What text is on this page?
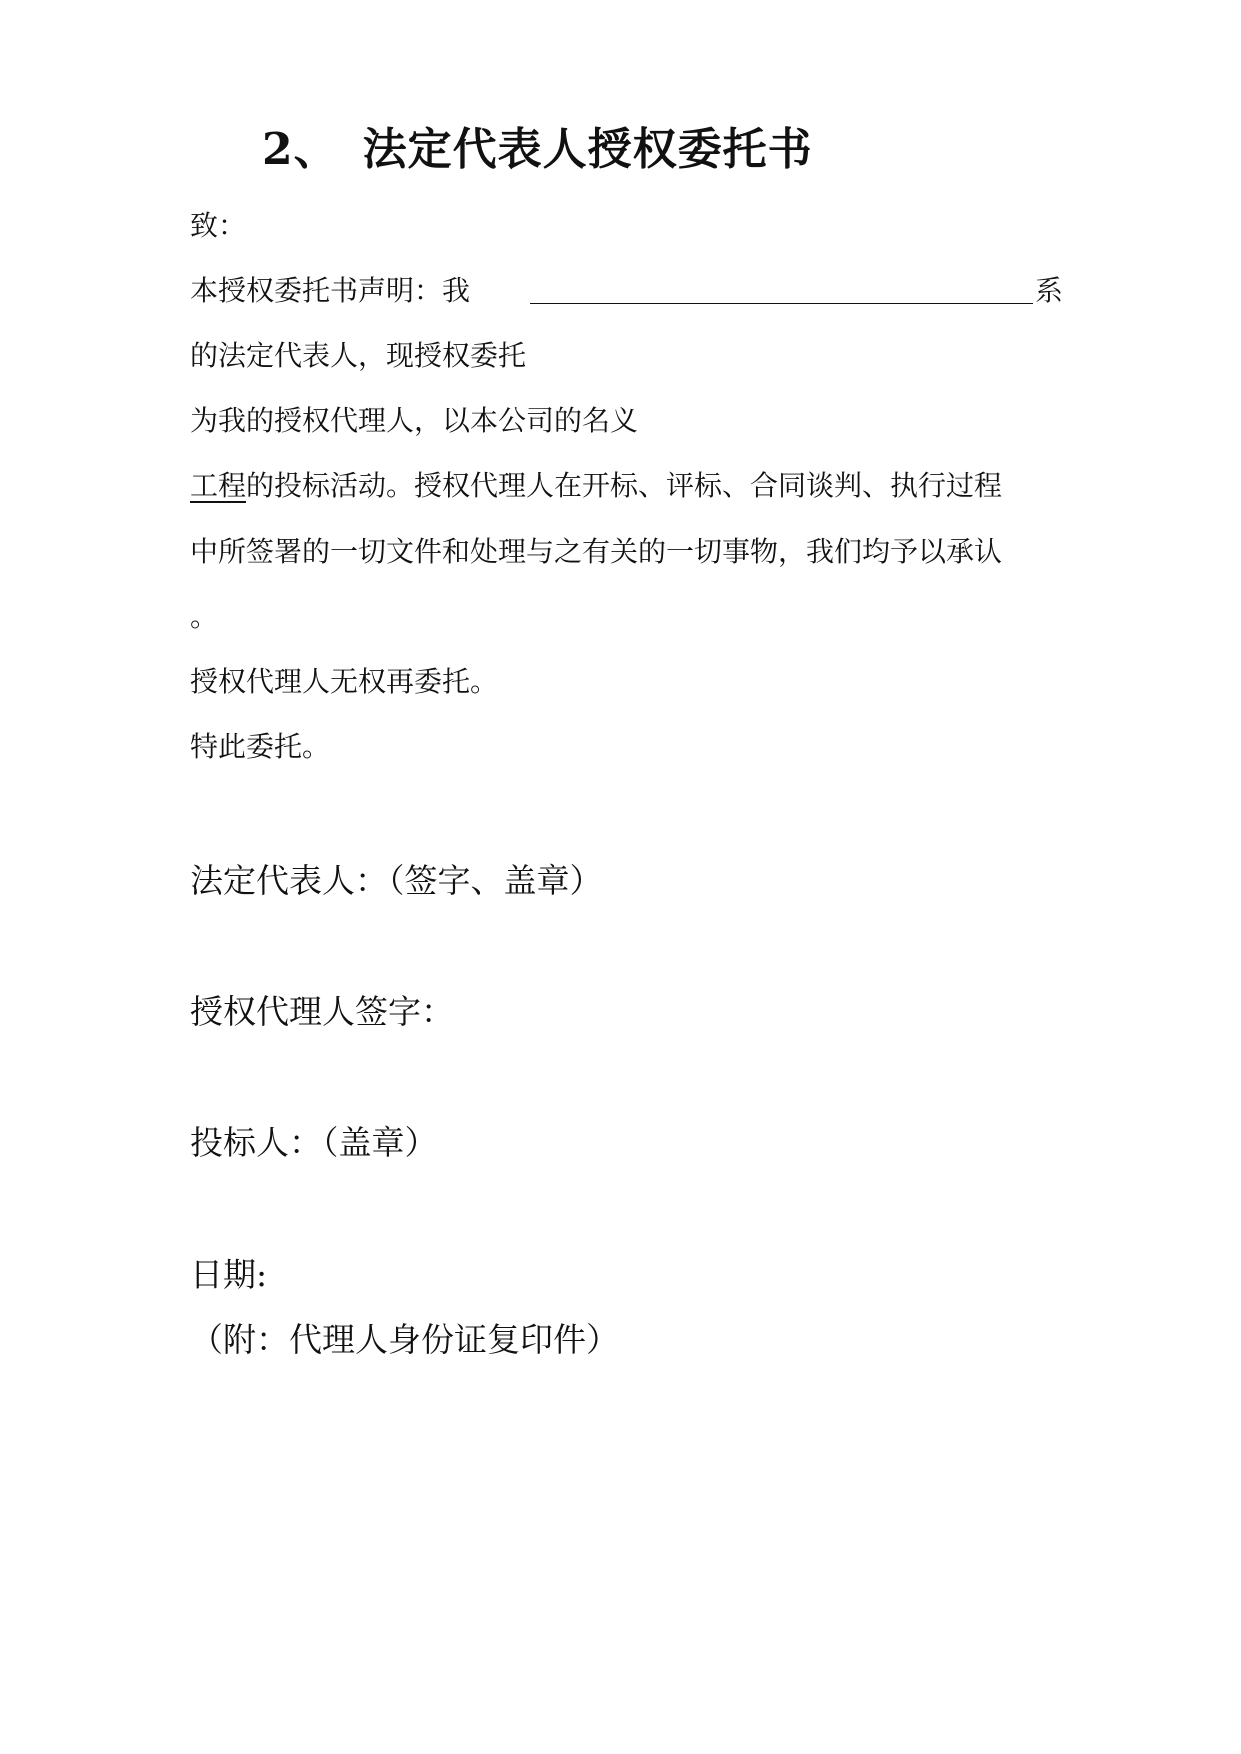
2、 法定代表人授权委托书
致：
本授权委托书声明：我	系
的法定代表人，现授权委托
为我的授权代理人，以本公司的名义
工程的投标活动。授权代理人在开标、评标、合同谈判、执行过程
中所签署的一切文件和处理与之有关的一切事物，我们均予以承认
。
授权代理人无权再委托。
特此委托。
法定代表人：（签字、盖章）
授权代理人签字：
投标人：（盖章）
日期:
（附：代理人身份证复印件）
